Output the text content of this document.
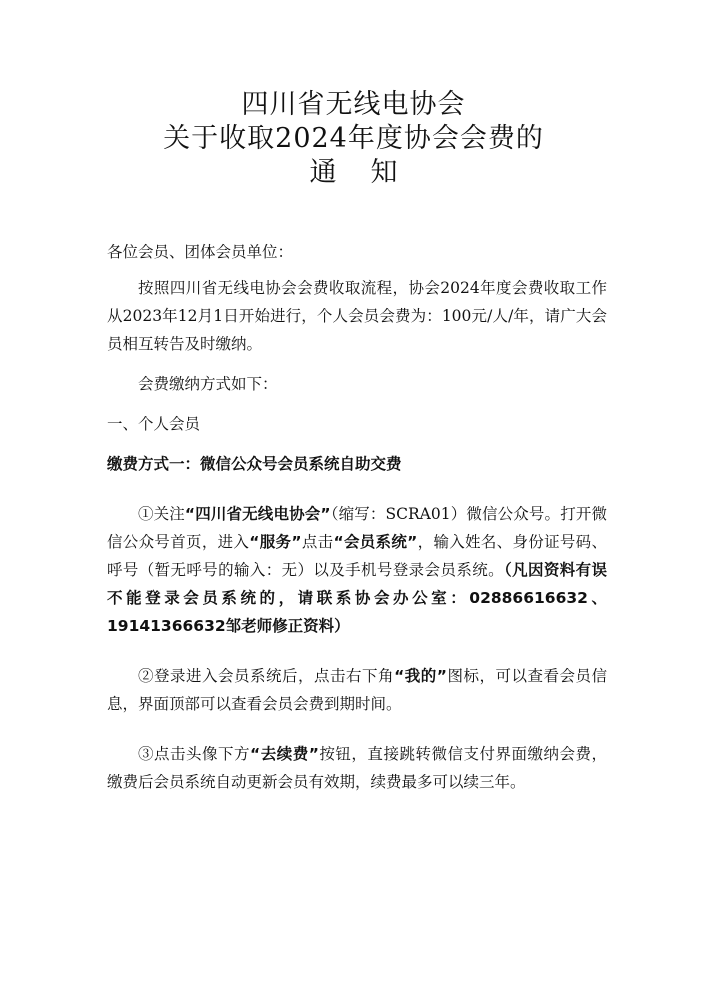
四川省无线电协会
关于收取2024年度协会会费的
通 知

各位会员、团体会员单位：

按照四川省无线电协会会费收取流程，协会2024年度会费收取工作从2023年12月1日开始进行，个人会员会费为：100元/人/年，请广大会员相互转告及时缴纳。

会费缴纳方式如下：

一、个人会员

缴费方式一：微信公众号会员系统自助交费

①关注“四川省无线电协会”（缩写：SCRA01）微信公众号。打开微信公众号首页，进入“服务”点击“会员系统”，输入姓名、身份证号码、呼号（暂无呼号的输入：无）以及手机号登录会员系统。（凡因资料有误不能登录会员系统的，请联系协会办公室：02886616632、19141366632邹老师修正资料）

②登录进入会员系统后，点击右下角“我的”图标，可以查看会员信息，界面顶部可以查看会员会费到期时间。

③点击头像下方“去续费”按钮，直接跳转微信支付界面缴纳会费，缴费后会员系统自动更新会员有效期，续费最多可以续三年。
